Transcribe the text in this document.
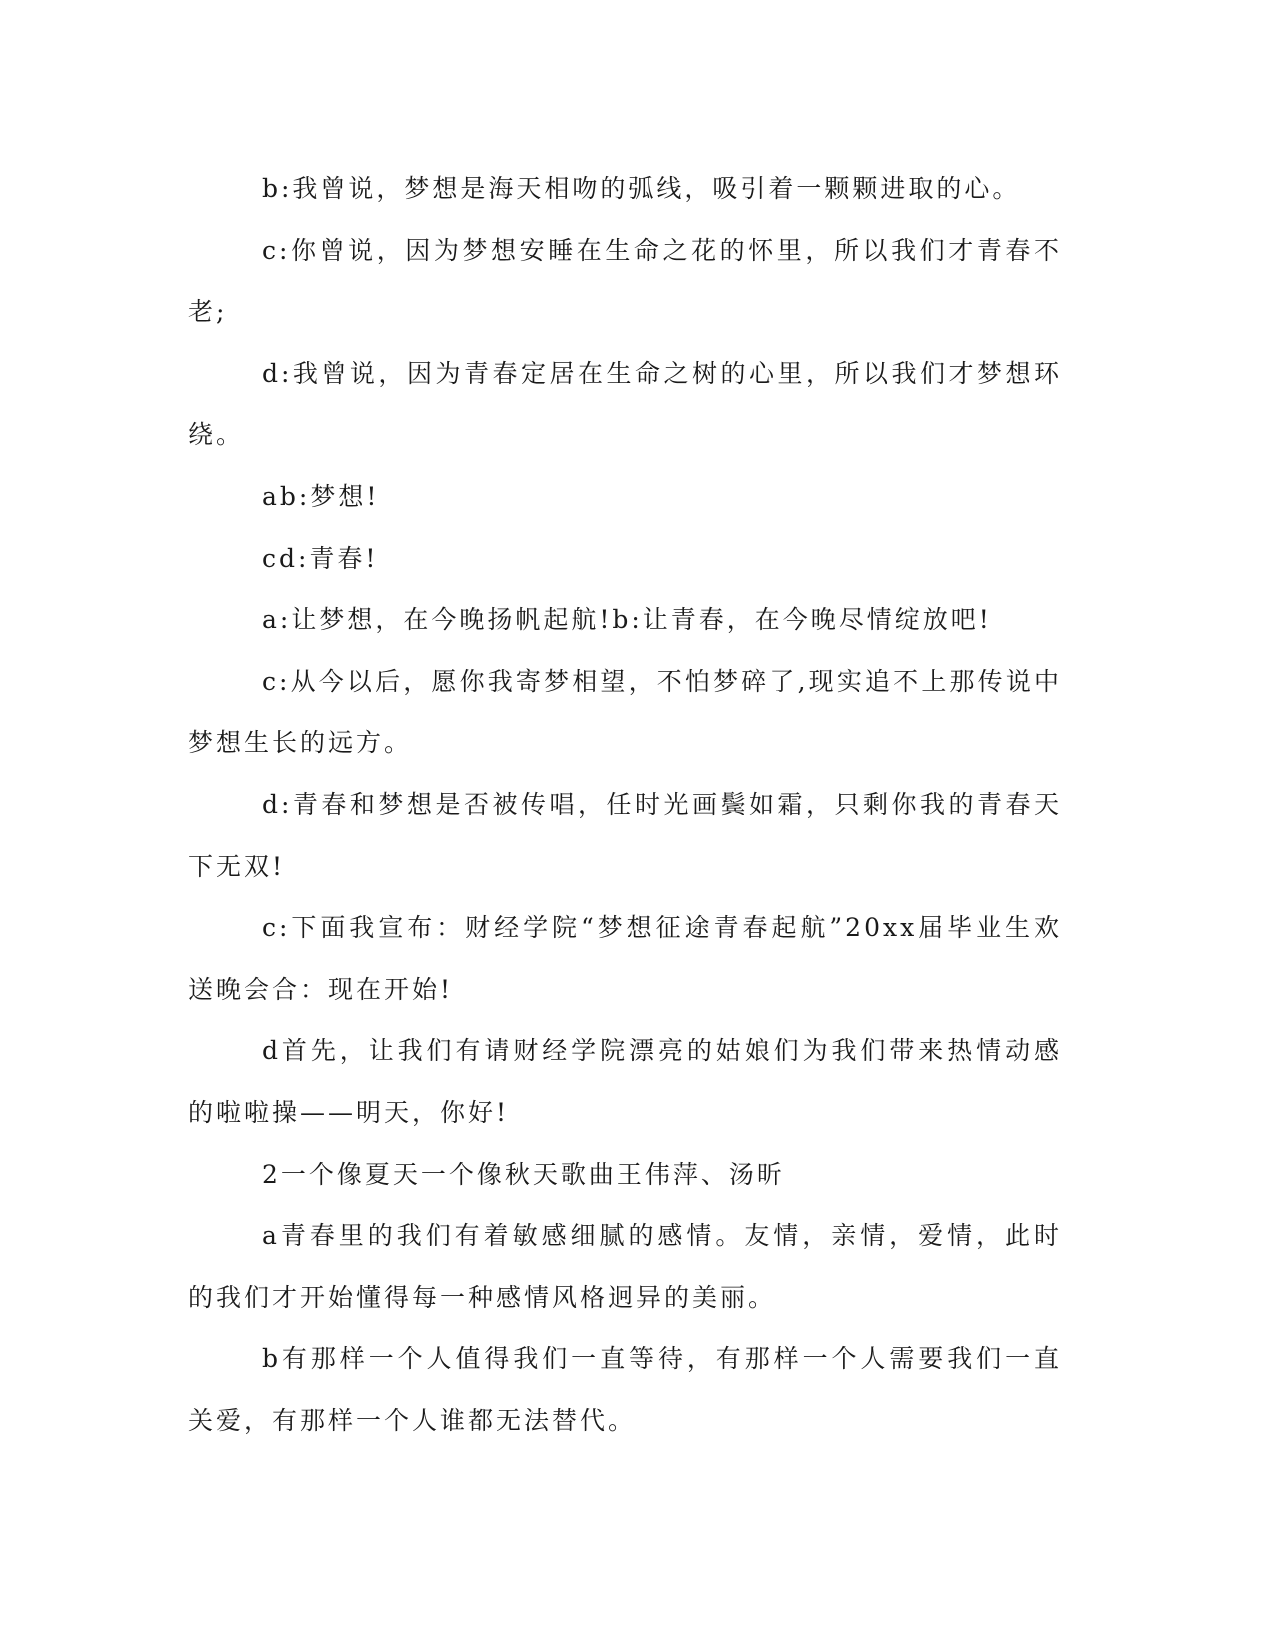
b:我曾说，梦想是海天相吻的弧线，吸引着一颗颗进取的心。

c:你曾说，因为梦想安睡在生命之花的怀里，所以我们才青春不老;

d:我曾说，因为青春定居在生命之树的心里，所以我们才梦想环绕。

ab:梦想!

cd:青春!

a:让梦想，在今晚扬帆起航!b:让青春，在今晚尽情绽放吧!

c:从今以后，愿你我寄梦相望，不怕梦碎了,现实追不上那传说中梦想生长的远方。

d:青春和梦想是否被传唱，任时光画鬓如霜，只剩你我的青春天下无双!

c:下面我宣布：财经学院“梦想征途青春起航”20xx届毕业生欢送晚会合：现在开始!

d首先，让我们有请财经学院漂亮的姑娘们为我们带来热情动感的啦啦操——明天，你好!

2一个像夏天一个像秋天歌曲王伟萍、汤昕

a青春里的我们有着敏感细腻的感情。友情，亲情，爱情，此时的我们才开始懂得每一种感情风格迥异的美丽。

b有那样一个人值得我们一直等待，有那样一个人需要我们一直关爱，有那样一个人谁都无法替代。
